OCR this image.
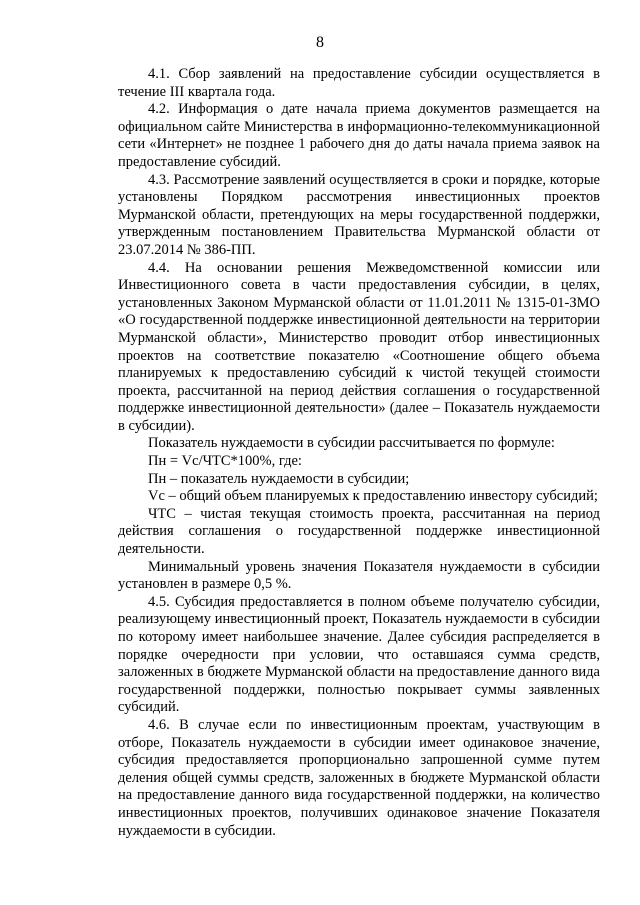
8

4.1. Сбор заявлений на предоставление субсидии осуществляется в течение III квартала года.

4.2. Информация о дате начала приема документов размещается на официальном сайте Министерства в информационно-телекоммуникационной сети «Интернет» не позднее 1 рабочего дня до даты начала приема заявок на предоставление субсидий.

4.3. Рассмотрение заявлений осуществляется в сроки и порядке, которые установлены Порядком рассмотрения инвестиционных проектов Мурманской области, претендующих на меры государственной поддержки, утвержденным постановлением Правительства Мурманской области от 23.07.2014 № 386-ПП.

4.4. На основании решения Межведомственной комиссии или Инвестиционного совета в части предоставления субсидии, в целях, установленных Законом Мурманской области от 11.01.2011 № 1315-01-ЗМО «О государственной поддержке инвестиционной деятельности на территории Мурманской области», Министерство проводит отбор инвестиционных проектов на соответствие показателю «Соотношение общего объема планируемых к предоставлению субсидий к чистой текущей стоимости проекта, рассчитанной на период действия соглашения о государственной поддержке инвестиционной деятельности» (далее – Показатель нуждаемости в субсидии).

Показатель нуждаемости в субсидии рассчитывается по формуле:

Пн = Vс/ЧТС*100%, где:

Пн – показатель нуждаемости в субсидии;

Vс – общий объем планируемых к предоставлению инвестору субсидий;

ЧТС – чистая текущая стоимость проекта, рассчитанная на период действия соглашения о государственной поддержке инвестиционной деятельности.

Минимальный уровень значения Показателя нуждаемости в субсидии установлен в размере 0,5 %.

4.5. Субсидия предоставляется в полном объеме получателю субсидии, реализующему инвестиционный проект, Показатель нуждаемости в субсидии по которому имеет наибольшее значение. Далее субсидия распределяется в порядке очередности при условии, что оставшаяся сумма средств, заложенных в бюджете Мурманской области на предоставление данного вида государственной поддержки, полностью покрывает суммы заявленных субсидий.

4.6. В случае если по инвестиционным проектам, участвующим в отборе, Показатель нуждаемости в субсидии имеет одинаковое значение, субсидия предоставляется пропорционально запрошенной сумме путем деления общей суммы средств, заложенных в бюджете Мурманской области на предоставление данного вида государственной поддержки, на количество инвестиционных проектов, получивших одинаковое значение Показателя нуждаемости в субсидии.
